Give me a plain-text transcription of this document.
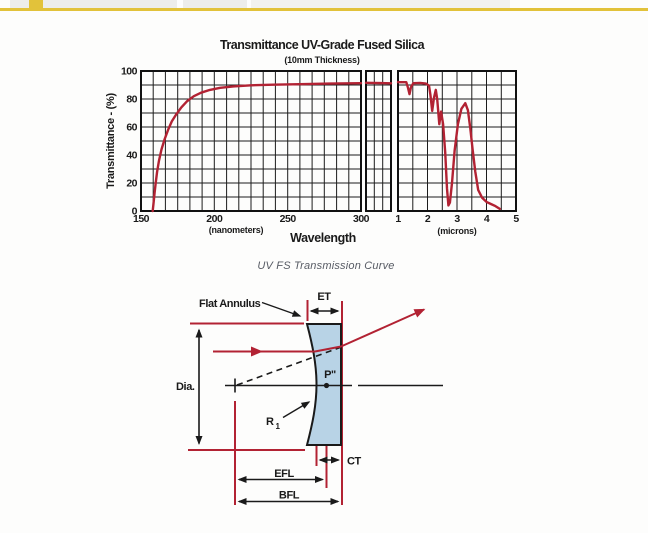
150	200	250	300	1 2 3 4 5
0
20
40
60
80
100
Transmittance UV-Grade Fused Silica
(10mm Thickness)
(nanometers)	(microns)
Wavelength
Transmittance - (%)
UV FS Transmission Curve
ET
Dia.
Flat Annulus
R 1
P"
CT
EFL
BFL
